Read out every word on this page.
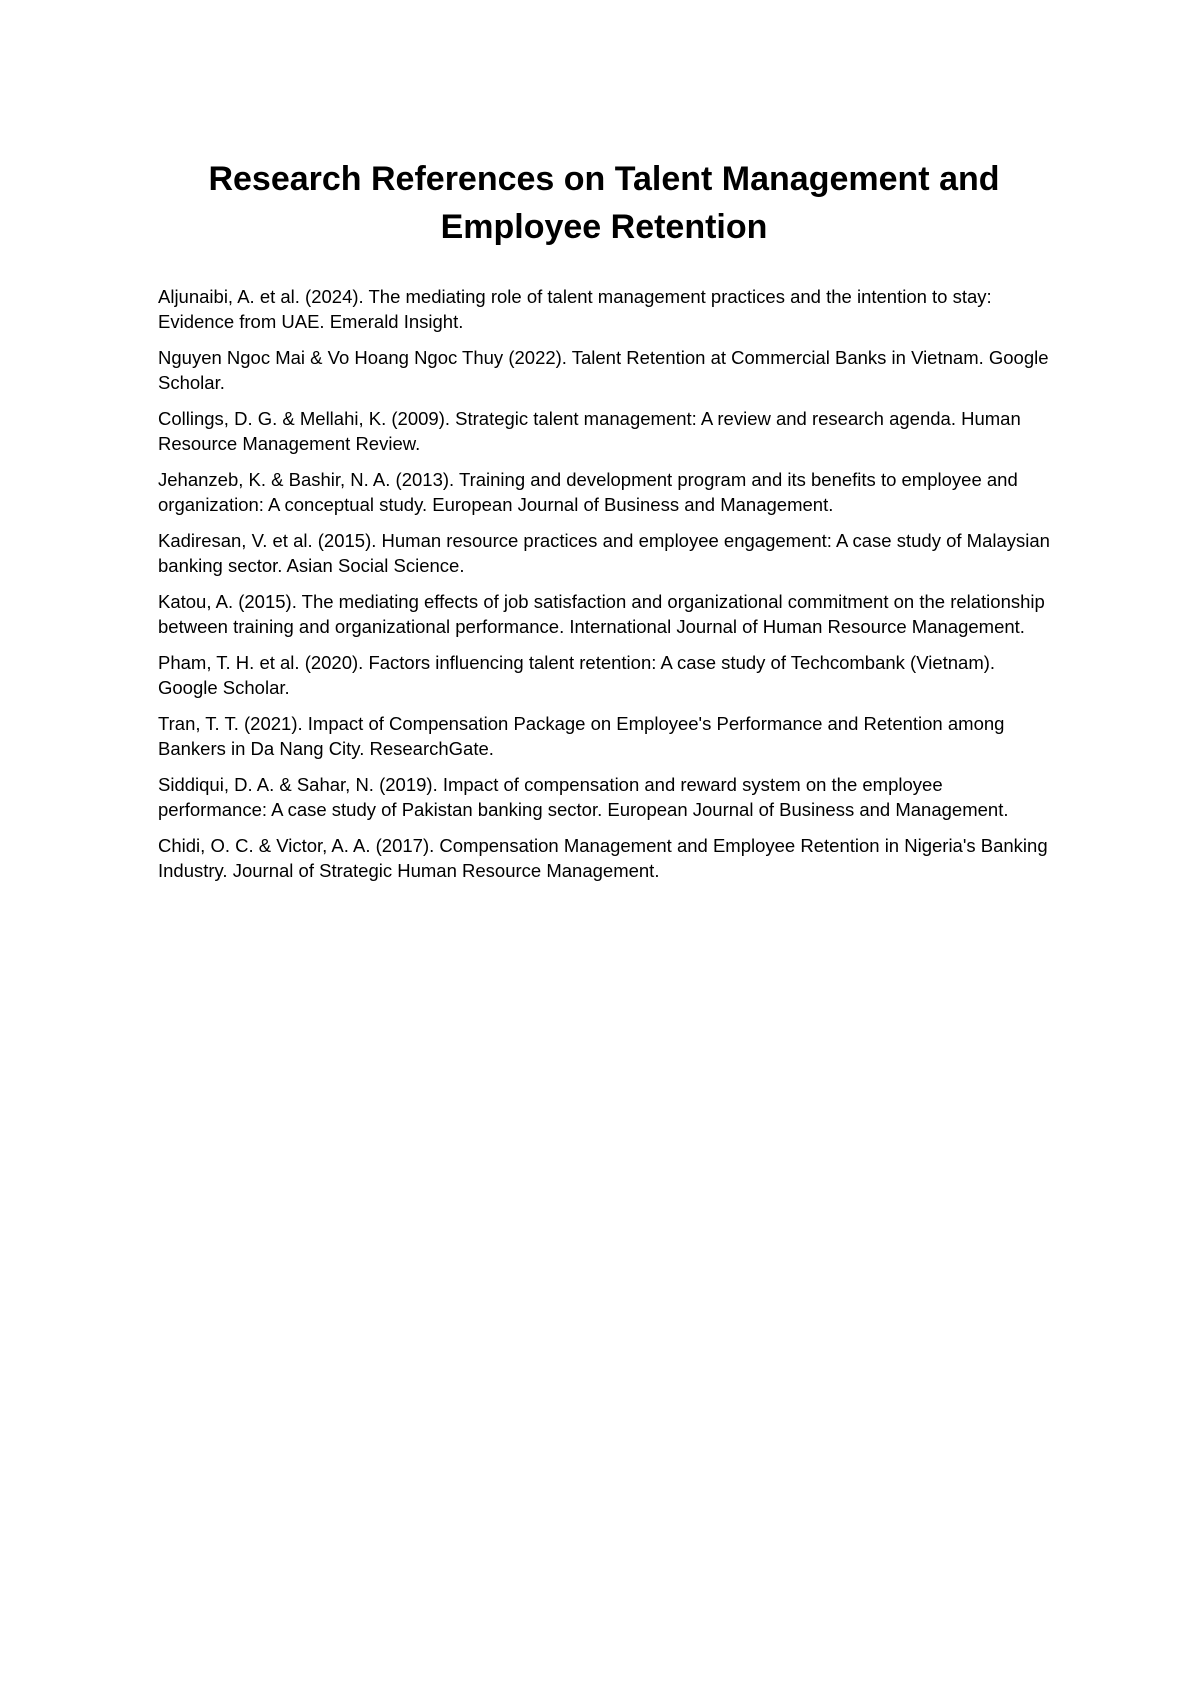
Research References on Talent Management and Employee Retention
Aljunaibi, A. et al. (2024). The mediating role of talent management practices and the intention to stay: Evidence from UAE. Emerald Insight.
Nguyen Ngoc Mai & Vo Hoang Ngoc Thuy (2022). Talent Retention at Commercial Banks in Vietnam. Google Scholar.
Collings, D. G. & Mellahi, K. (2009). Strategic talent management: A review and research agenda. Human Resource Management Review.
Jehanzeb, K. & Bashir, N. A. (2013). Training and development program and its benefits to employee and organization: A conceptual study. European Journal of Business and Management.
Kadiresan, V. et al. (2015). Human resource practices and employee engagement: A case study of Malaysian banking sector. Asian Social Science.
Katou, A. (2015). The mediating effects of job satisfaction and organizational commitment on the relationship between training and organizational performance. International Journal of Human Resource Management.
Pham, T. H. et al. (2020). Factors influencing talent retention: A case study of Techcombank (Vietnam). Google Scholar.
Tran, T. T. (2021). Impact of Compensation Package on Employee's Performance and Retention among Bankers in Da Nang City. ResearchGate.
Siddiqui, D. A. & Sahar, N. (2019). Impact of compensation and reward system on the employee performance: A case study of Pakistan banking sector. European Journal of Business and Management.
Chidi, O. C. & Victor, A. A. (2017). Compensation Management and Employee Retention in Nigeria's Banking Industry. Journal of Strategic Human Resource Management.
